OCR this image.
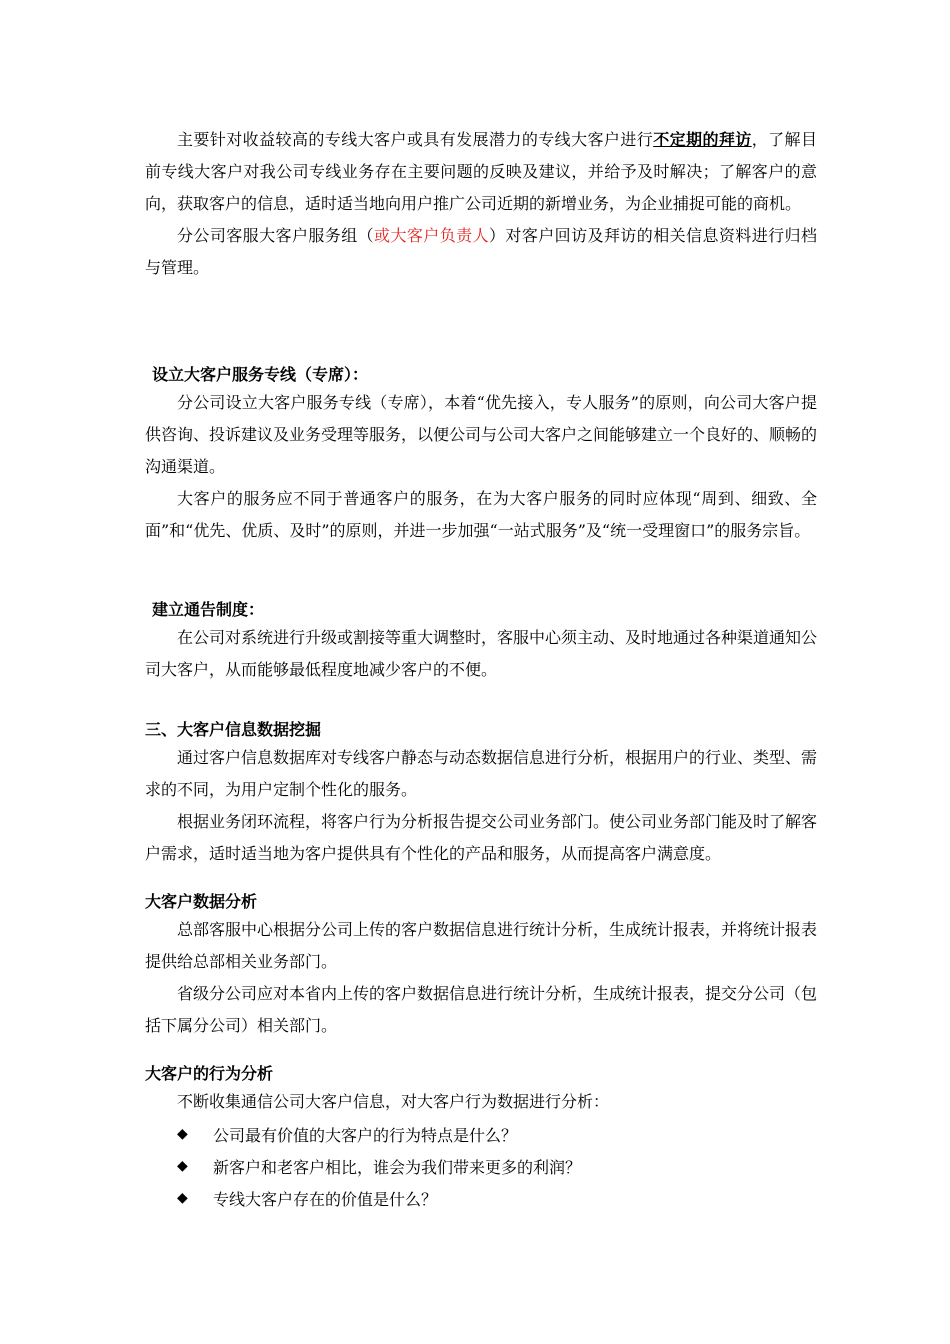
主要针对收益较高的专线大客户或具有发展潜力的专线大客户进行不定期的拜访，了解目前专线大客户对我公司专线业务存在主要问题的反映及建议，并给予及时解决；了解客户的意向，获取客户的信息，适时适当地向用户推广公司近期的新增业务，为企业捕捉可能的商机。

分公司客服大客户服务组（或大客户负责人）对客户回访及拜访的相关信息资料进行归档与管理。

设立大客户服务专线（专席）：

分公司设立大客户服务专线（专席），本着“优先接入，专人服务”的原则，向公司大客户提供咨询、投诉建议及业务受理等服务，以便公司与公司大客户之间能够建立一个良好的、顺畅的沟通渠道。

大客户的服务应不同于普通客户的服务，在为大客户服务的同时应体现“周到、细致、全面”和“优先、优质、及时”的原则，并进一步加强“一站式服务”及“统一受理窗口”的服务宗旨。

建立通告制度：

在公司对系统进行升级或割接等重大调整时，客服中心须主动、及时地通过各种渠道通知公司大客户，从而能够最低程度地减少客户的不便。

三、大客户信息数据挖掘

通过客户信息数据库对专线客户静态与动态数据信息进行分析，根据用户的行业、类型、需求的不同，为用户定制个性化的服务。

根据业务闭环流程，将客户行为分析报告提交公司业务部门。使公司业务部门能及时了解客户需求，适时适当地为客户提供具有个性化的产品和服务，从而提高客户满意度。

大客户数据分析

总部客服中心根据分公司上传的客户数据信息进行统计分析，生成统计报表，并将统计报表提供给总部相关业务部门。

省级分公司应对本省内上传的客户数据信息进行统计分析，生成统计报表，提交分公司（包括下属分公司）相关部门。

大客户的行为分析

不断收集通信公司大客户信息，对大客户行为数据进行分析：

◆	公司最有价值的大客户的行为特点是什么？
◆	新客户和老客户相比，谁会为我们带来更多的利润？
◆	专线大客户存在的价值是什么？
